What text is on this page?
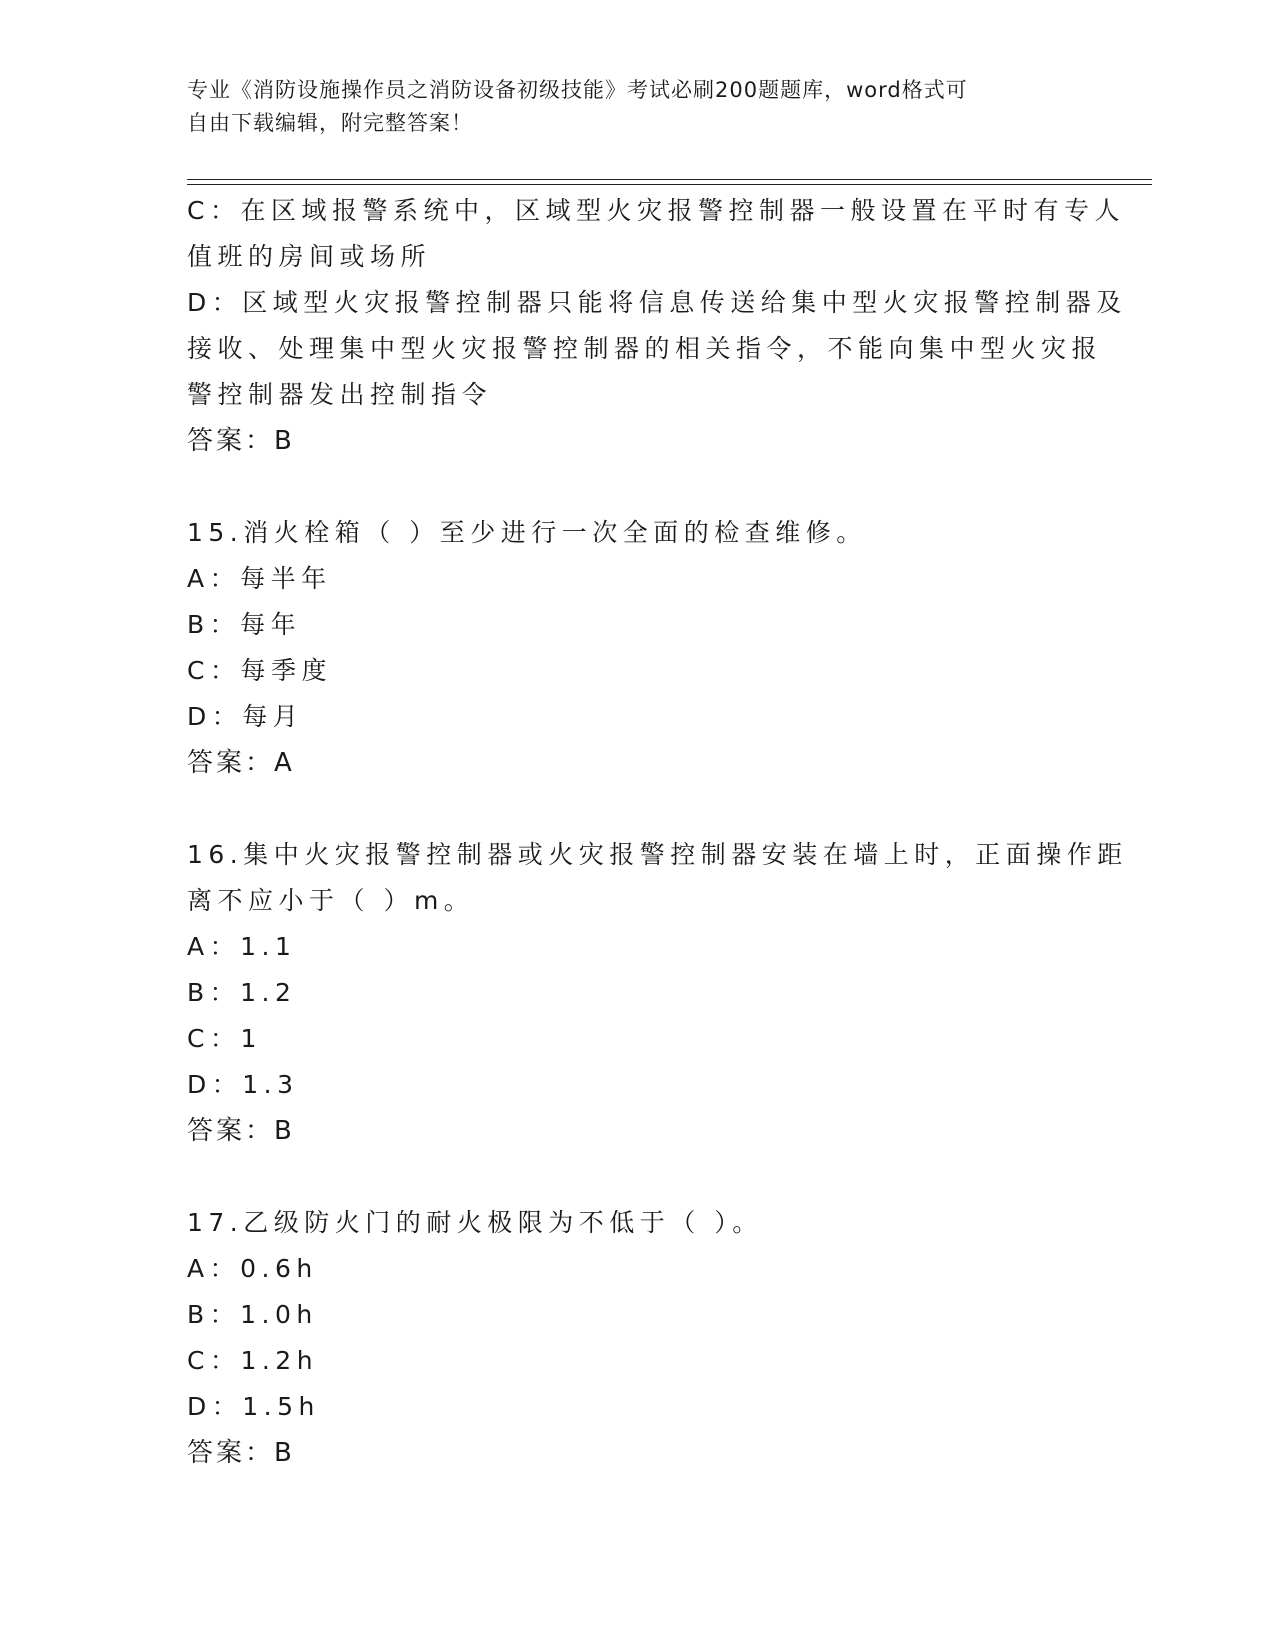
专业《消防设施操作员之消防设备初级技能》考试必刷200题题库，word格式可
自由下载编辑，附完整答案！
C：在区域报警系统中，区域型火灾报警控制器一般设置在平时有专人
值班的房间或场所
D：区域型火灾报警控制器只能将信息传送给集中型火灾报警控制器及
接收、处理集中型火灾报警控制器的相关指令，不能向集中型火灾报
警控制器发出控制指令
答案：B
15.消火栓箱（ ）至少进行一次全面的检查维修。
A：每半年
B：每年
C：每季度
D：每月
答案：A
16.集中火灾报警控制器或火灾报警控制器安装在墙上时，正面操作距
离不应小于（ ）m。
A：1.1
B：1.2
C：1
D：1.3
答案：B
17.乙级防火门的耐火极限为不低于（ ）。
A：0.6h
B：1.0h
C：1.2h
D：1.5h
答案：B
